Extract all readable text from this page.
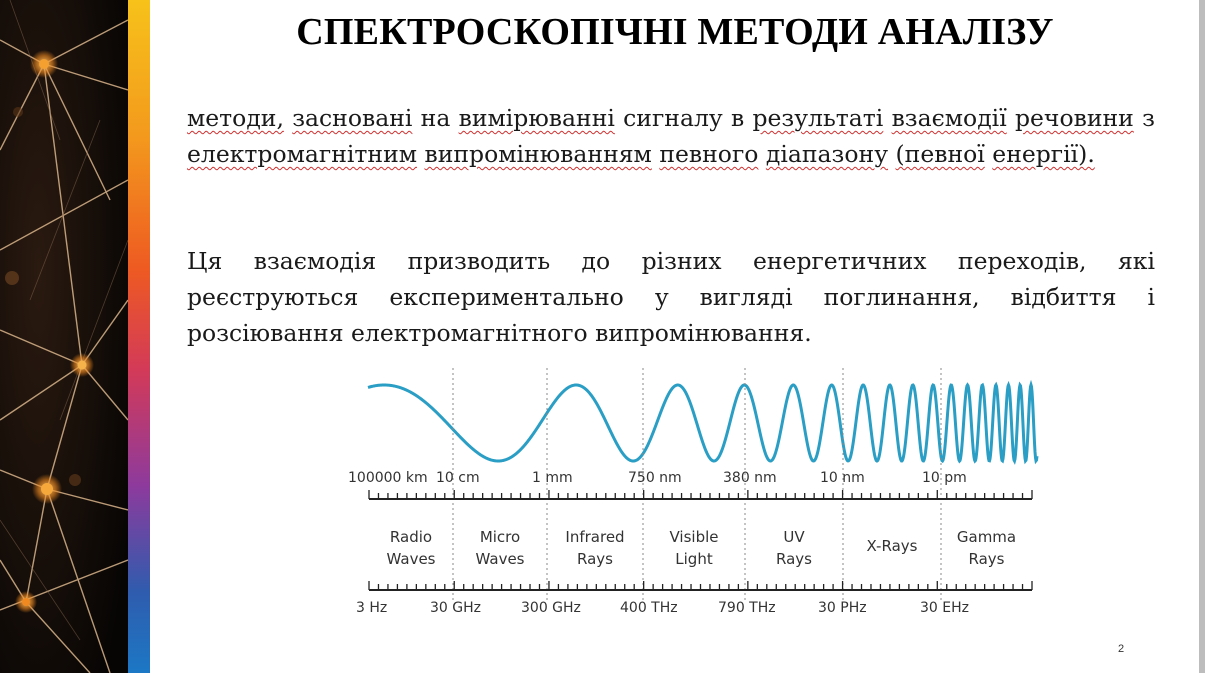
СПЕКТРОСКОПІЧНІ МЕТОДИ АНАЛІЗУ

методи, засновані на вимірюванні сигналу в результаті взаємодії речовини з електромагнітним випромінюванням певного діапазону (певної енергії).

Ця взаємодія призводить до різних енергетичних переходів, які реєструються експериментально у вигляді поглинання, відбиття і розсіювання електромагнітного випромінювання.

100000 km 10 cm	1 mm	750 nm	380 nm	10 nm	10 pm
Radio
Waves
Micro
Waves
Infrared
Rays
Visible
Light
UV
Rays
X-Rays	Gamma
Rays
3 Hz	30 GHz	300 GHz	400 THz	790 THz	30 PHz	30 EHz
2
